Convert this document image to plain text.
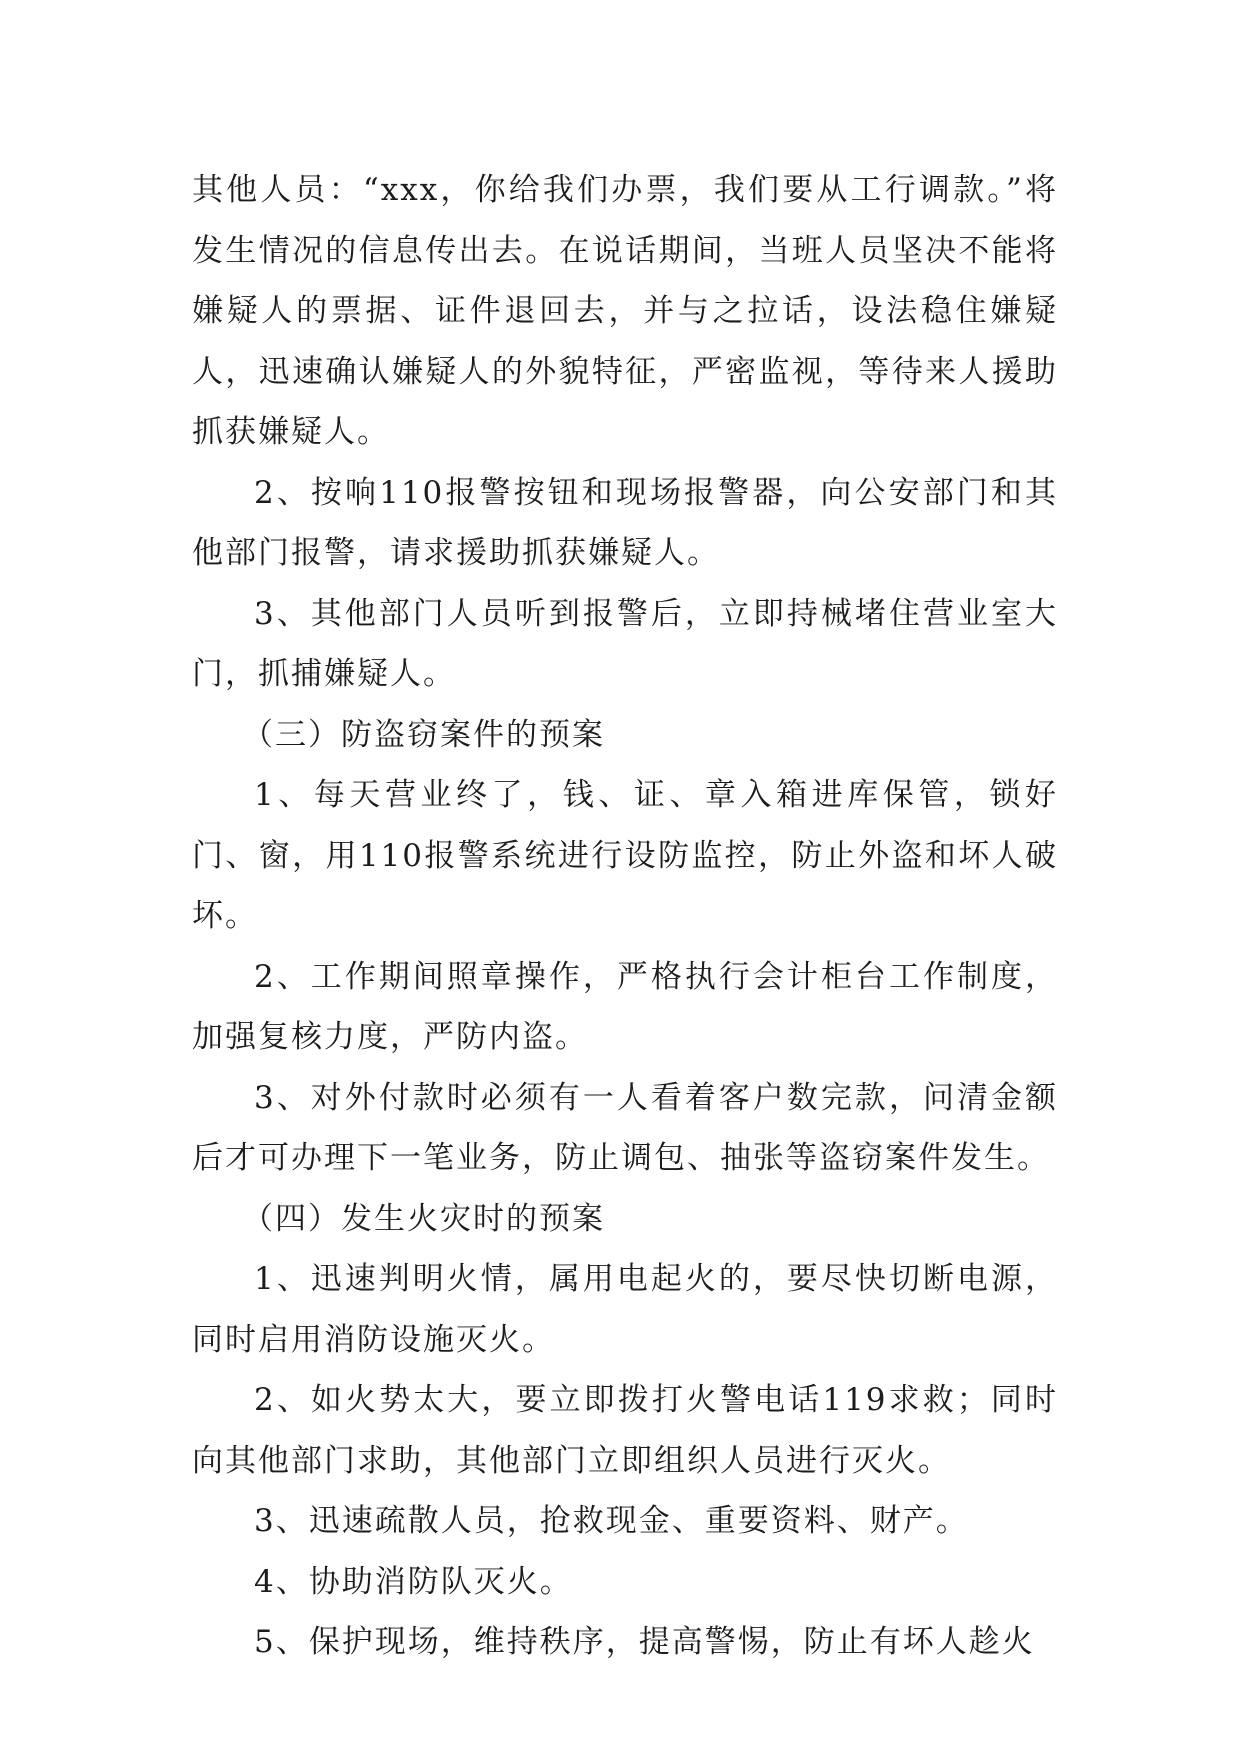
其他人员：“xxx，你给我们办票，我们要从工行调款。”将发生情况的信息传出去。在说话期间，当班人员坚决不能将嫌疑人的票据、证件退回去，并与之拉话，设法稳住嫌疑人，迅速确认嫌疑人的外貌特征，严密监视，等待来人援助抓获嫌疑人。

2、按响110报警按钮和现场报警器，向公安部门和其他部门报警，请求援助抓获嫌疑人。

3、其他部门人员听到报警后，立即持械堵住营业室大门，抓捕嫌疑人。

（三）防盗窃案件的预案

1、每天营业终了，钱、证、章入箱进库保管，锁好门、窗，用110报警系统进行设防监控，防止外盗和坏人破坏。

2、工作期间照章操作，严格执行会计柜台工作制度，加强复核力度，严防内盗。

3、对外付款时必须有一人看着客户数完款，问清金额后才可办理下一笔业务，防止调包、抽张等盗窃案件发生。

（四）发生火灾时的预案

1、迅速判明火情，属用电起火的，要尽快切断电源，同时启用消防设施灭火。

2、如火势太大，要立即拨打火警电话119求救；同时向其他部门求助，其他部门立即组织人员进行灭火。

3、迅速疏散人员，抢救现金、重要资料、财产。

4、协助消防队灭火。

5、保护现场，维持秩序，提高警惕，防止有坏人趁火
